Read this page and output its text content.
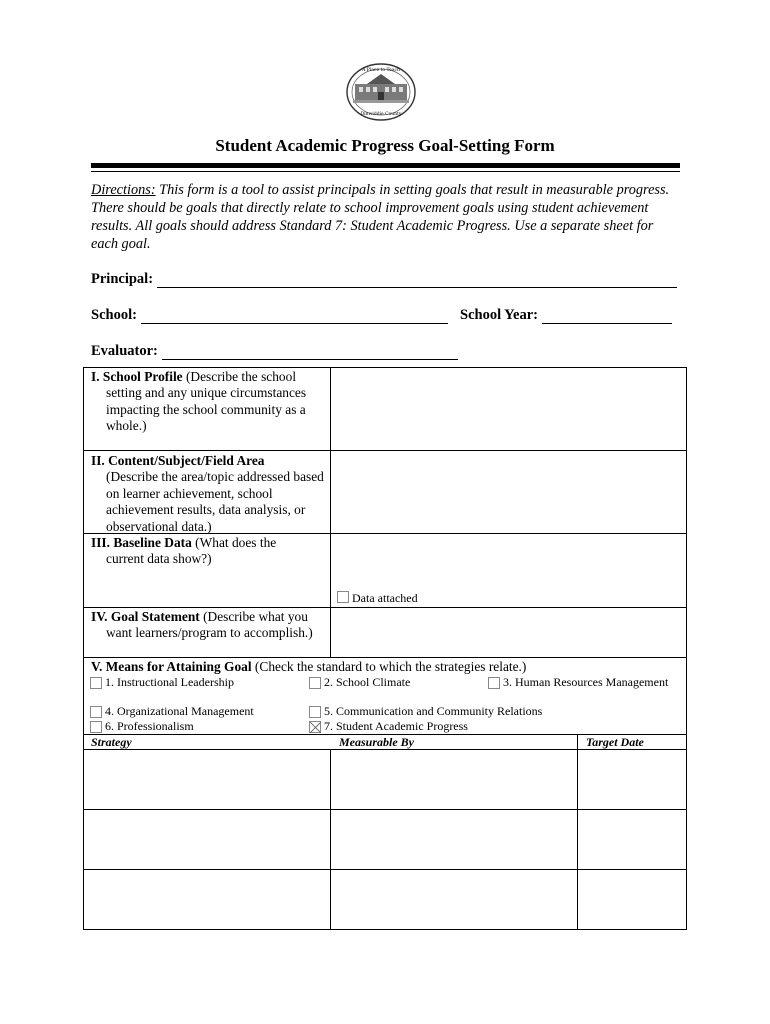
A Place to Teach
Dinwiddie County
Student Academic Progress Goal-Setting Form
Directions: This form is a tool to assist principals in setting goals that result in measurable progress. There should be goals that directly relate to school improvement goals using student achievement results. All goals should address Standard 7: Student Academic Progress. Use a separate sheet for each goal.
Principal:
School:	School Year:
Evaluator:
I. School Profile (Describe the school
setting and any unique circumstances impacting the school community as a whole.)
II. Content/Subject/Field Area
(Describe the area/topic addressed based on learner achievement, school achievement results, data analysis, or observational data.)
III. Baseline Data (What does the
current data show?)
Data attached
IV. Goal Statement (Describe what you
want learners/program to accomplish.)
V. Means for Attaining Goal (Check the standard to which the strategies relate.)
1. Instructional Leadership	2. School Climate	3. Human Resources Management
4. Organizational Management	5. Communication and Community Relations
6. Professionalism	7. Student Academic Progress
Strategy	Measurable By	Target Date
